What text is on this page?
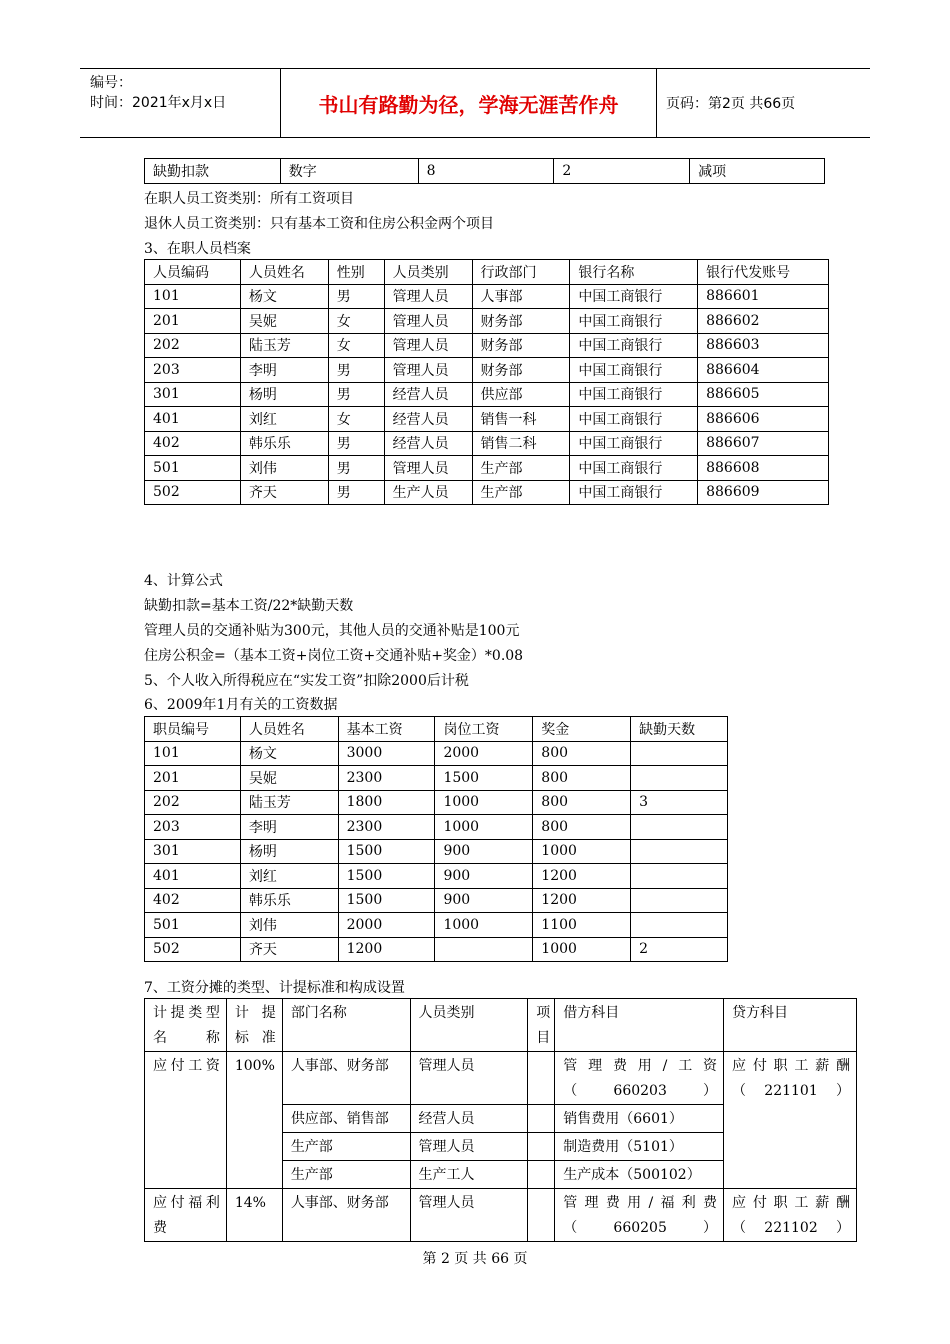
编号：
时间：2021年x月x日	书山有路勤为径，学海无涯苦作舟	页码：第2页 共66页
缺勤扣款	数字	8	2	减项
在职人员工资类别：所有工资项目
退休人员工资类别：只有基本工资和住房公积金两个项目
3、在职人员档案
人员编码	人员姓名	性别	人员类别	行政部门	银行名称	银行代发账号
101	杨文	男	管理人员	人事部	中国工商银行	886601
201	吴妮	女	管理人员	财务部	中国工商银行	886602
202	陆玉芳	女	管理人员	财务部	中国工商银行	886603
203	李明	男	管理人员	财务部	中国工商银行	886604
301	杨明	男	经营人员	供应部	中国工商银行	886605
401	刘红	女	经营人员	销售一科	中国工商银行	886606
402	韩乐乐	男	经营人员	销售二科	中国工商银行	886607
501	刘伟	男	管理人员	生产部	中国工商银行	886608
502	齐天	男	生产人员	生产部	中国工商银行	886609
4、计算公式
缺勤扣款=基本工资/22*缺勤天数
管理人员的交通补贴为300元，其他人员的交通补贴是100元
住房公积金=（基本工资+岗位工资+交通补贴+奖金）*0.08
5、个人收入所得税应在“实发工资”扣除2000后计税
6、2009年1月有关的工资数据
职员编号	人员姓名	基本工资	岗位工资	奖金	缺勤天数
101	杨文	3000	2000	800	
201	吴妮	2300	1500	800	
202	陆玉芳	1800	1000	800	3
203	李明	2300	1000	800	
301	杨明	1500	900	1000	
401	刘红	1500	900	1200	
402	韩乐乐	1500	900	1200	
501	刘伟	2000	1000	1100	
502	齐天	1200		1000	2
7、工资分摊的类型、计提标准和构成设置
计提类型名称	计提标准	部门名称	人员类别	项目	借方科目	贷方科目
应付工资	100%	人事部、财务部	管理人员		管理费用/工资（660203）	应付职工薪酬（221101）
		供应部、销售部	经营人员		销售费用（6601）	
		生产部	管理人员		制造费用（5101）	
		生产部	生产工人		生产成本（500102）	
应付福利费	14%	人事部、财务部	管理人员		管理费用/福利费（660205）	应付职工薪酬（221102）
第 2 页 共 66 页
